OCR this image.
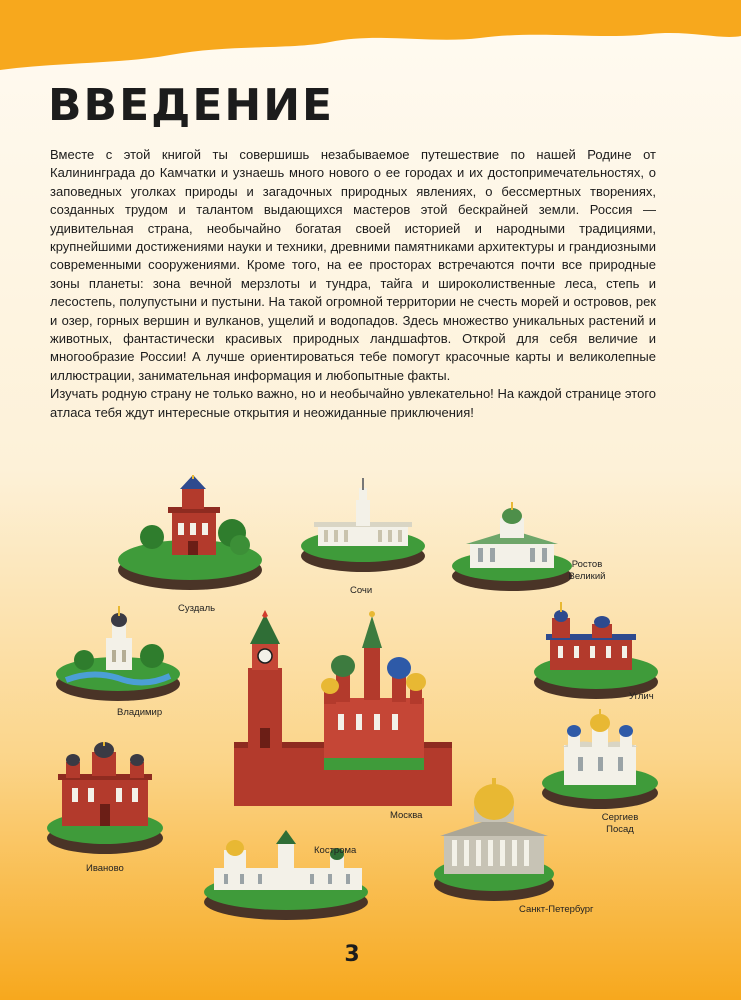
ВВЕДЕНИЕ

Вместе с этой книгой ты совершишь незабываемое путешествие по нашей Родине от Калининграда до Камчатки и узнаешь много нового о ее городах и их достопримечательностях, о заповедных уголках природы и загадочных природных явлениях, о бессмертных творениях, созданных трудом и талантом выдающихся мастеров этой бескрайней земли. Россия — удивительная страна, необычайно богатая своей историей и народными традициями, крупнейшими достижениями науки и техники, древними памятниками архитектуры и грандиозными современными сооружениями. Кроме того, на ее просторах встречаются почти все природные зоны планеты: зона вечной мерзлоты и тундра, тайга и широколиственные леса, степь и лесостепь, полупустыни и пустыни. На такой огромной территории не счесть морей и островов, рек и озер, горных вершин и вулканов, ущелий и водопадов. Здесь множество уникальных растений и животных, фантастически красивых природных ландшафтов. Открой для себя величие и многообразие России! А лучше ориентироваться тебе помогут красочные карты и великолепные иллюстрации, занимательная информация и любопытные факты.

Изучать родную страну не только важно, но и необычайно увлекательно! На каждой странице этого атласа тебя ждут интересные открытия и неожиданные приключения!

Суздаль
Сочи
Ростов Великий
Владимир
Углич
Москва	Сергиев Посад
Иваново
Кострома
Санкт-Петербург
3
